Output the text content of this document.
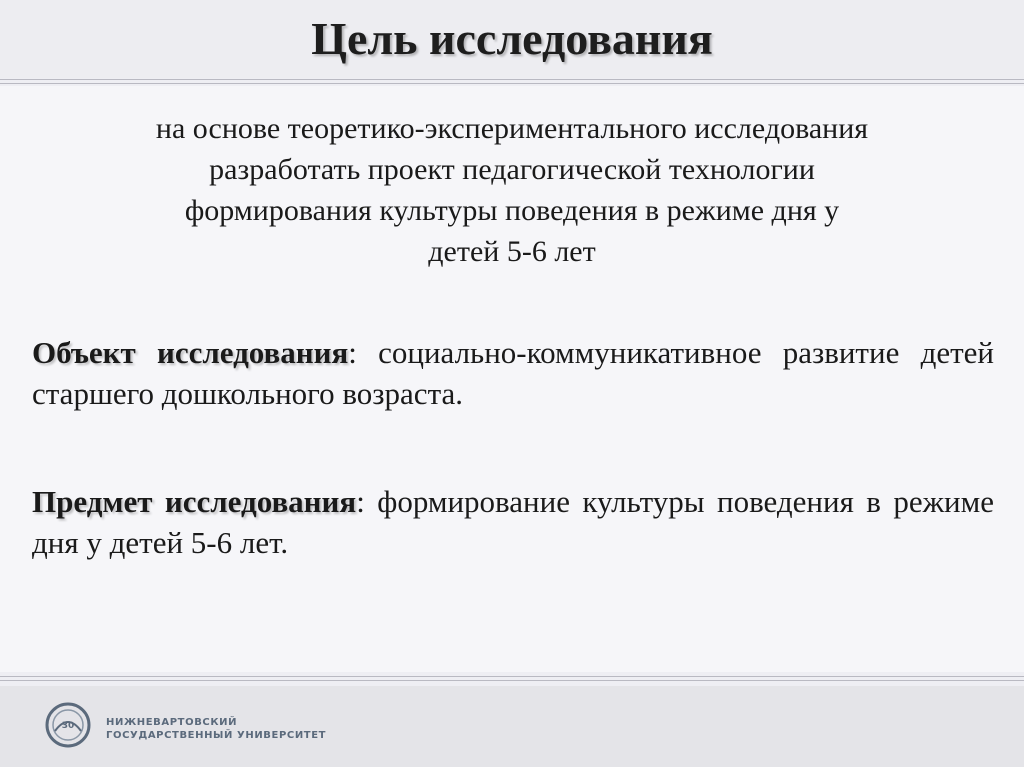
Цель исследования
на основе теоретико-экспериментального исследования
разработать проект педагогической технологии
формирования культуры поведения в режиме дня у
детей 5-6 лет
Объект исследования: социально-коммуникативное развитие детей старшего дошкольного возраста.
Предмет исследования: формирование культуры поведения в режиме дня у детей 5-6 лет.
30	НИЖНЕВАРТОВСКИЙ
ГОСУДАРСТВЕННЫЙ УНИВЕРСИТЕТ
